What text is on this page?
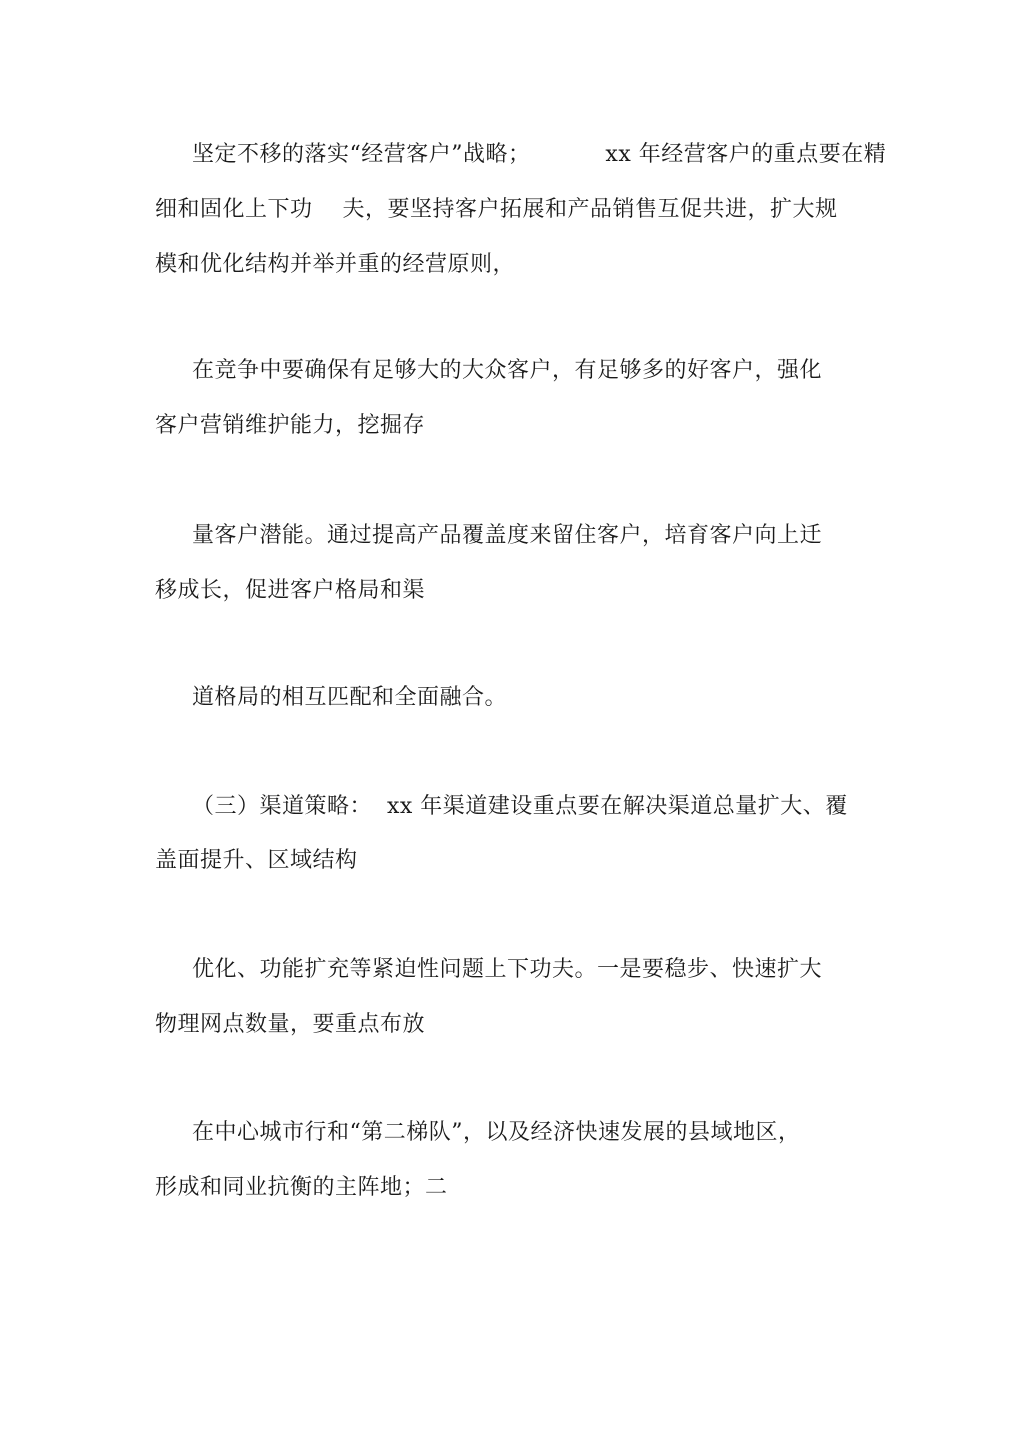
坚定不移的落实“经营客户”战略；          xx 年经营客户的重点要在精
细和固化上下功    夫，要坚持客户拓展和产品销售互促共进，扩大规
模和优化结构并举并重的经营原则，
在竞争中要确保有足够大的大众客户，有足够多的好客户，强化
客户营销维护能力，挖掘存
量客户潜能。通过提高产品覆盖度来留住客户，培育客户向上迁
移成长，促进客户格局和渠
道格局的相互匹配和全面融合。
（三）渠道策略：  xx 年渠道建设重点要在解决渠道总量扩大、覆
盖面提升、区域结构
优化、功能扩充等紧迫性问题上下功夫。一是要稳步、快速扩大
物理网点数量，要重点布放
在中心城市行和“第二梯队”，以及经济快速发展的县域地区，
形成和同业抗衡的主阵地；二
